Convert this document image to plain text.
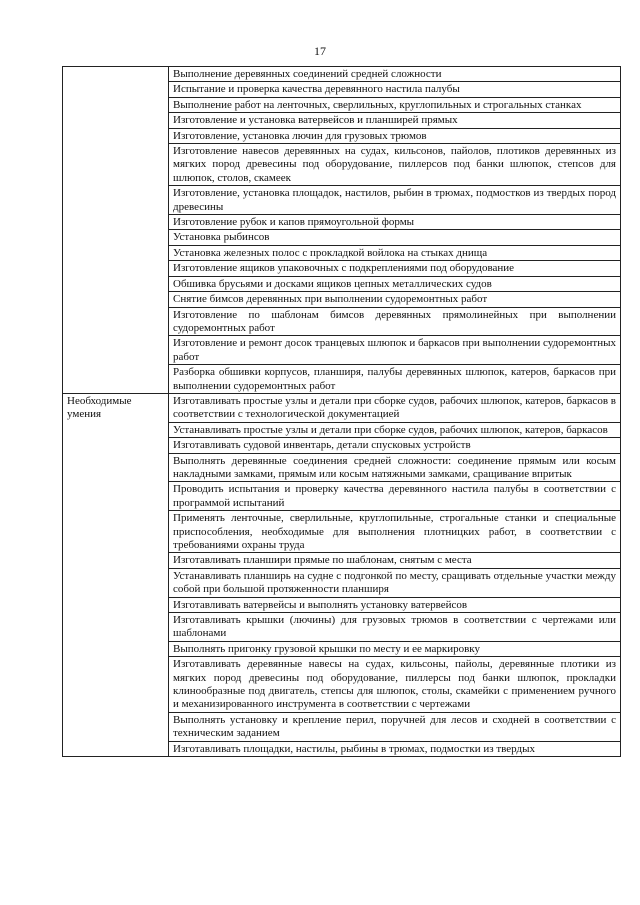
17
	Выполнение деревянных соединений средней сложности
	Испытание и проверка качества деревянного настила палубы
	Выполнение работ на ленточных, сверлильных, круглопильных и строгальных станках
	Изготовление и установка ватервейсов и планширей прямых
	Изготовление, установка лючин для грузовых трюмов
	Изготовление навесов деревянных на судах, кильсонов, пайолов, плотиков деревянных из мягких пород древесины под оборудование, пиллерсов под банки шлюпок, степсов для шлюпок, столов, скамеек
	Изготовление, установка площадок, настилов, рыбин в трюмах, подмостков из твердых пород древесины
	Изготовление рубок и капов прямоугольной формы
	Установка рыбинсов
	Установка железных полос с прокладкой войлока на стыках днища
	Изготовление ящиков упаковочных с подкреплениями под оборудование
	Обшивка брусьями и досками ящиков цепных металлических судов
	Снятие бимсов деревянных при выполнении судоремонтных работ
	Изготовление по шаблонам бимсов деревянных прямолинейных при выполнении судоремонтных работ
	Изготовление и ремонт досок транцевых шлюпок и баркасов при выполнении судоремонтных работ
	Разборка обшивки корпусов, планширя, палубы деревянных шлюпок, катеров, баркасов при выполнении судоремонтных работ
Необходимые умения	Изготавливать простые узлы и детали при сборке судов, рабочих шлюпок, катеров, баркасов в соответствии с технологической документацией
	Устанавливать простые узлы и детали при сборке судов, рабочих шлюпок, катеров, баркасов
	Изготавливать судовой инвентарь, детали спусковых устройств
	Выполнять деревянные соединения средней сложности: соединение прямым или косым накладными замками, прямым или косым натяжными замками, сращивание впритык
	Проводить испытания и проверку качества деревянного настила палубы в соответствии с программой испытаний
	Применять ленточные, сверлильные, круглопильные, строгальные станки и специальные приспособления, необходимые для выполнения плотницких работ, в соответствии с требованиями охраны труда
	Изготавливать планшири прямые по шаблонам, снятым с места
	Устанавливать планширь на судне с подгонкой по месту, сращивать отдельные участки между собой при большой протяженности планширя
	Изготавливать ватервейсы и выполнять установку ватервейсов
	Изготавливать крышки (лючины) для грузовых трюмов в соответствии с чертежами или шаблонами
	Выполнять пригонку грузовой крышки по месту и ее маркировку
	Изготавливать деревянные навесы на судах, кильсоны, пайолы, деревянные плотики из мягких пород древесины под оборудование, пиллерсы под банки шлюпок, прокладки клинообразные под двигатель, степсы для шлюпок, столы, скамейки с применением ручного и механизированного инструмента в соответствии с чертежами
	Выполнять установку и крепление перил, поручней для лесов и сходней в соответствии с техническим заданием
	Изготавливать площадки, настилы, рыбины в трюмах, подмостки из твердых
